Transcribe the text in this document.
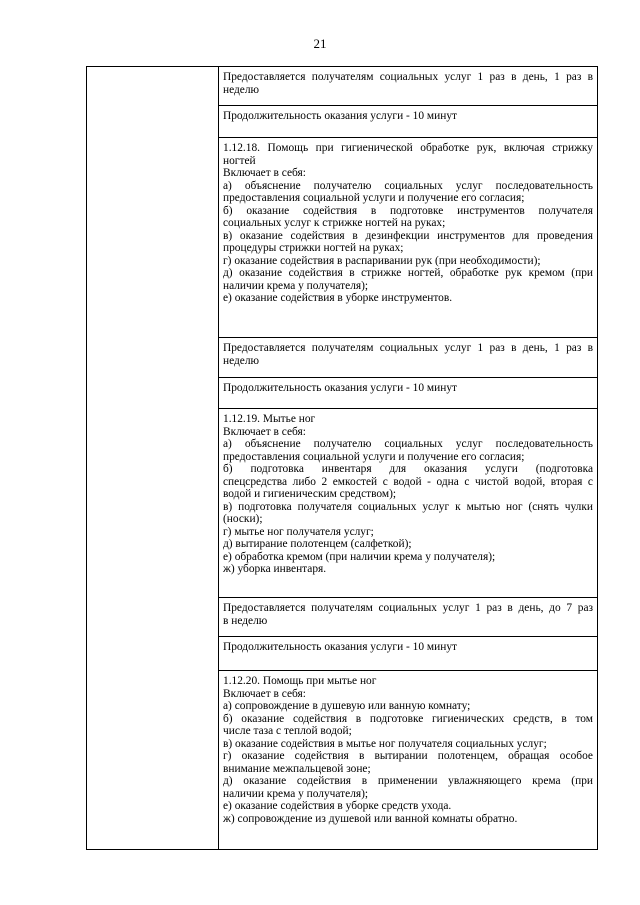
21

Предоставляется получателям социальных услуг 1 раз в день, 1 раз в
неделю

Продолжительность оказания услуги - 10 минут

1.12.18. Помощь при гигиенической обработке рук, включая стрижку
ногтей
Включает в себя:
а) объяснение получателю социальных услуг последовательность
предоставления социальной услуги и получение его согласия;
б) оказание содействия в подготовке инструментов получателя
социальных услуг к стрижке ногтей на руках;
в) оказание содействия в дезинфекции инструментов для проведения
процедуры стрижки ногтей на руках;
г) оказание содействия в распаривании рук (при необходимости);
д) оказание содействия в стрижке ногтей, обработке рук кремом (при
наличии крема у получателя);
е) оказание содействия в уборке инструментов.

Предоставляется получателям социальных услуг 1 раз в день, 1 раз в
неделю

Продолжительность оказания услуги - 10 минут

1.12.19. Мытье ног
Включает в себя:
а) объяснение получателю социальных услуг последовательность
предоставления социальной услуги и получение его согласия;
б) подготовка инвентаря для оказания услуги (подготовка
спецсредства либо 2 емкостей с водой - одна с чистой водой, вторая с
водой и гигиеническим средством);
в) подготовка получателя социальных услуг к мытью ног (снять чулки
(носки);
г) мытье ног получателя услуг;
д) вытирание полотенцем (салфеткой);
е) обработка кремом (при наличии крема у получателя);
ж) уборка инвентаря.

Предоставляется получателям социальных услуг 1 раз в день, до 7 раз
в неделю

Продолжительность оказания услуги - 10 минут

1.12.20. Помощь при мытье ног
Включает в себя:
а) сопровождение в душевую или ванную комнату;
б) оказание содействия в подготовке гигиенических средств, в том
числе таза с теплой водой;
в) оказание содействия в мытье ног получателя социальных услуг;
г) оказание содействия в вытирании полотенцем, обращая особое
внимание межпальцевой зоне;
д) оказание содействия в применении увлажняющего крема (при
наличии крема у получателя);
е) оказание содействия в уборке средств ухода.
ж) сопровождение из душевой или ванной комнаты обратно.
